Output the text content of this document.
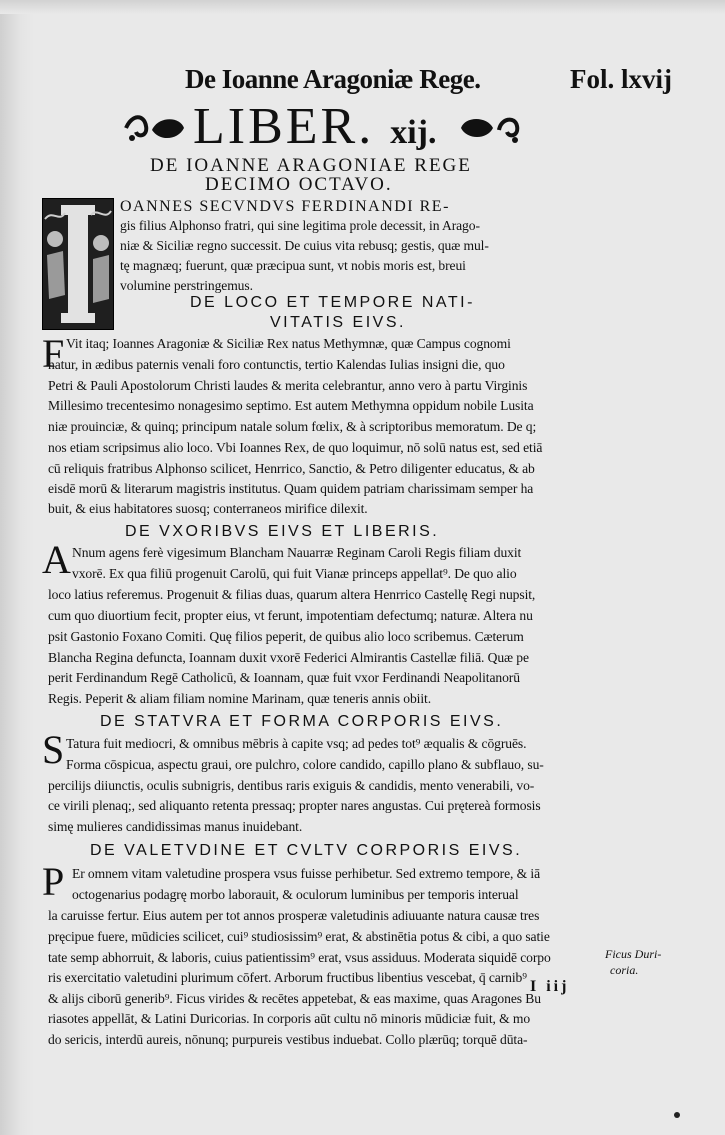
De Ioanne Aragoniæ Rege.	Fol. lxvij
LIBER. xij.
DE IOANNE ARAGONIAE REGE
DECIMO OCTAVO.
OANNES SECVNDVS FERDINANDI RE-
gis filius Alphonso fratri, qui sine legitima prole decessit, in Arago-
niæ & Siciliæ regno successit. De cuius vita rebusq; gestis, quæ mul-
tę magnæq; fuerunt, quæ præcipua sunt, vt nobis moris est, breui
volumine perstringemus.
DE LOCO ET TEMPORE NATI-
VITATIS EIVS.
F Vit itaq; Ioannes Aragoniæ & Siciliæ Rex natus Methymnæ, quæ Campus cognomi
natur, in ædibus paternis venali foro contunctis, tertio Kalendas Iulias insigni die, quo
Petri & Pauli Apostolorum Christi laudes & merita celebrantur, anno vero à partu Virginis
Millesimo trecentesimo nonagesimo septimo. Est autem Methymna oppidum nobile Lusita
niæ prouinciæ, & quinq; principum natale solum fœlix, & à scriptoribus memoratum. De q;
nos etiam scripsimus alio loco. Vbi Ioannes Rex, de quo loquimur, nō solū natus est, sed etiā
cū reliquis fratribus Alphonso scilicet, Henrrico, Sanctio, & Petro diligenter educatus, & ab
eisdē morū & literarum magistris institutus. Quam quidem patriam charissimam semper ha
buit, & eius habitatores suosq; conterraneos mirifice dilexit.
DE VXORIBVS EIVS ET LIBERIS.
A Nnum agens ferè vigesimum Blancham Nauarræ Reginam Caroli Regis filiam duxit
vxorē. Ex qua filiū progenuit Carolū, qui fuit Vianæ princeps appellat⁹. De quo alio
loco latius referemus. Progenuit & filias duas, quarum altera Henrrico Castellę Regi nupsit,
cum quo diuortium fecit, propter eius, vt ferunt, impotentiam defectumq; naturæ. Altera nu
psit Gastonio Foxano Comiti. Quę filios peperit, de quibus alio loco scribemus. Cæterum
Blancha Regina defuncta, Ioannam duxit vxorē Federici Almirantis Castellæ filiā. Quæ pe
perit Ferdinandum Regē Catholicū, & Ioannam, quæ fuit vxor Ferdinandi Neapolitanorū
Regis. Peperit & aliam filiam nomine Marinam, quæ teneris annis obiit.
DE STATVRA ET FORMA CORPORIS EIVS.
S Tatura fuit mediocri, & omnibus mēbris à capite vsq; ad pedes tot⁹ æqualis & cōgruēs.
Forma cōspicua, aspectu graui, ore pulchro, colore candido, capillo plano & subflauo, su-
percilijs diiunctis, oculis subnigris, dentibus raris exiguis & candidis, mento venerabili, vo-
ce virili plenaq;, sed aliquanto retenta pressaq; propter nares angustas. Cui prętereà formosis
simę mulieres candidissimas manus inuidebant.
DE VALETVDINE ET CVLTV CORPORIS EIVS.
P Er omnem vitam valetudine prospera vsus fuisse perhibetur. Sed extremo tempore, & iā
octogenarius podagrę morbo laborauit, & oculorum luminibus per temporis interual
la caruisse fertur. Eius autem per tot annos prosperæ valetudinis adiuuante natura causæ tres
pręcipue fuere, mūdicies scilicet, cui⁹ studiosissim⁹ erat, & abstinētia potus & cibi, a quo satie
tate semp abhorruit, & laboris, cuius patientissim⁹ erat, vsus assiduus. Moderata siquidē corpo
ris exercitatio valetudini plurimum cōfert. Arborum fructibus libentius vescebat, q̄ carnib⁹
& alijs ciborū generib⁹. Ficus virides & recētes appetebat, & eas maxime, quas Aragones Bu
riasotes appellāt, & Latini Duricorias. In corporis aūt cultu nō minoris mūdiciæ fuit, & mo
do sericis, interdū aureis, nōnunq; purpureis vestibus induebat. Collo plærūq; torquē dūta-
Ficus Duri-
coria.
I iij
